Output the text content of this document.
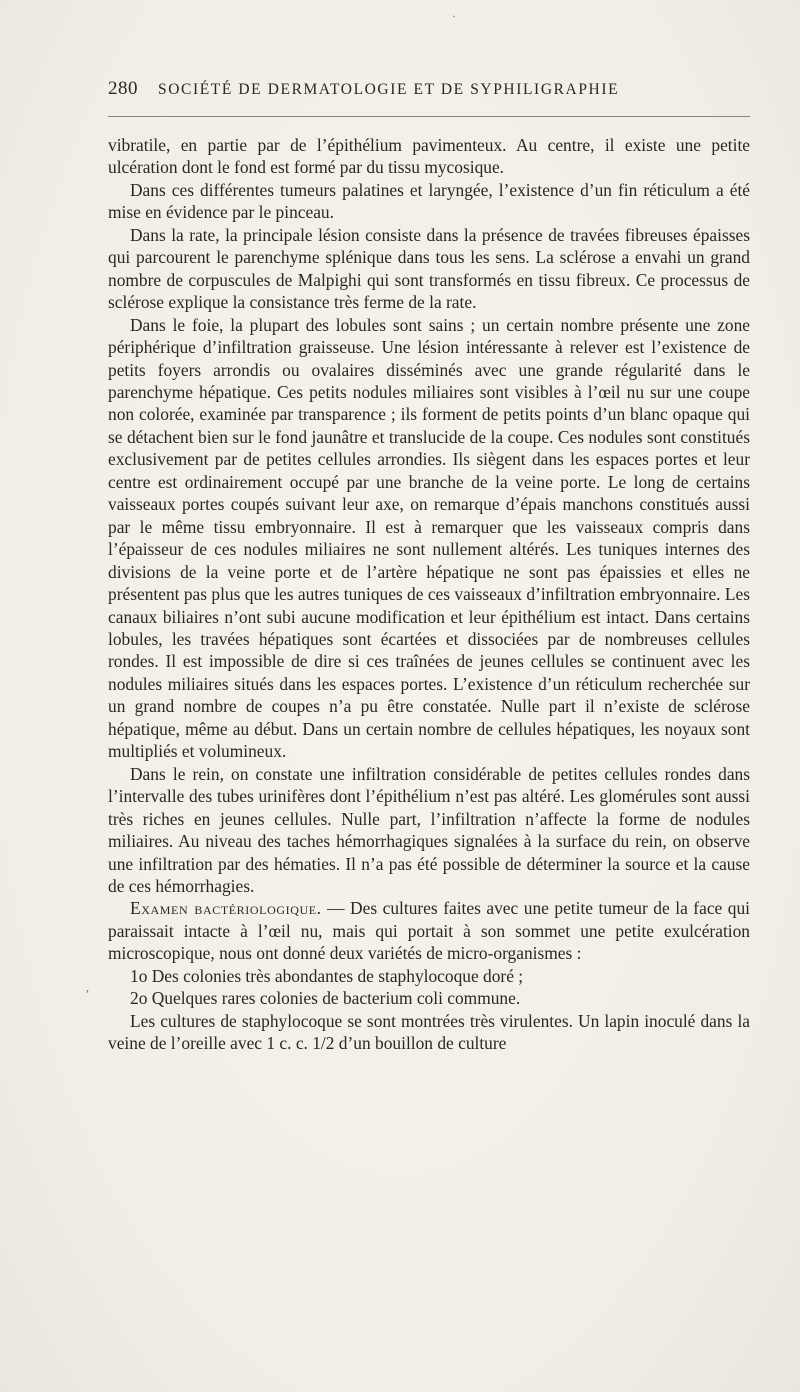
280 SOCIÉTÉ DE DERMATOLOGIE ET DE SYPHILIGRAPHIE

vibratile, en partie par de l’épithélium pavimenteux. Au centre, il existe une petite ulcération dont le fond est formé par du tissu mycosique.

Dans ces différentes tumeurs palatines et laryngée, l’existence d’un fin réticulum a été mise en évidence par le pinceau.

Dans la rate, la principale lésion consiste dans la présence de travées fibreuses épaisses qui parcourent le parenchyme splénique dans tous les sens. La sclérose a envahi un grand nombre de corpuscules de Malpighi qui sont transformés en tissu fibreux. Ce processus de sclérose explique la consistance très ferme de la rate.

Dans le foie, la plupart des lobules sont sains ; un certain nombre présente une zone périphérique d’infiltration graisseuse. Une lésion intéressante à relever est l’existence de petits foyers arrondis ou ovalaires disséminés avec une grande régularité dans le parenchyme hépatique. Ces petits nodules miliaires sont visibles à l’œil nu sur une coupe non colorée, examinée par transparence ; ils forment de petits points d’un blanc opaque qui se détachent bien sur le fond jaunâtre et translucide de la coupe. Ces nodules sont constitués exclusivement par de petites cellules arrondies. Ils siègent dans les espaces portes et leur centre est ordinairement occupé par une branche de la veine porte. Le long de certains vaisseaux portes coupés suivant leur axe, on remarque d’épais manchons constitués aussi par le même tissu embryonnaire. Il est à remarquer que les vaisseaux compris dans l’épaisseur de ces nodules miliaires ne sont nullement altérés. Les tuniques internes des divisions de la veine porte et de l’artère hépatique ne sont pas épaissies et elles ne présentent pas plus que les autres tuniques de ces vaisseaux d’infiltration embryonnaire. Les canaux biliaires n’ont subi aucune modification et leur épithélium est intact. Dans certains lobules, les travées hépatiques sont écartées et dissociées par de nombreuses cellules rondes. Il est impossible de dire si ces traînées de jeunes cellules se continuent avec les nodules miliaires situés dans les espaces portes. L’existence d’un réticulum recherchée sur un grand nombre de coupes n’a pu être constatée. Nulle part il n’existe de sclérose hépatique, même au début. Dans un certain nombre de cellules hépatiques, les noyaux sont multipliés et volumineux.

Dans le rein, on constate une infiltration considérable de petites cellules rondes dans l’intervalle des tubes urinifères dont l’épithélium n’est pas altéré. Les glomérules sont aussi très riches en jeunes cellules. Nulle part, l’infiltration n’affecte la forme de nodules miliaires. Au niveau des taches hémorrhagiques signalées à la surface du rein, on observe une infiltration par des hématies. Il n’a pas été possible de déterminer la source et la cause de ces hémorrhagies.

Examen bactériologique. — Des cultures faites avec une petite tumeur de la face qui paraissait intacte à l’œil nu, mais qui portait à son sommet une petite exulcération microscopique, nous ont donné deux variétés de micro-organismes :

1o Des colonies très abondantes de staphylocoque doré ;

2o Quelques rares colonies de bacterium coli commune.

Les cultures de staphylocoque se sont montrées très virulentes. Un lapin inoculé dans la veine de l’oreille avec 1 c. c. 1/2 d’un bouillon de culture

,
ˎ
